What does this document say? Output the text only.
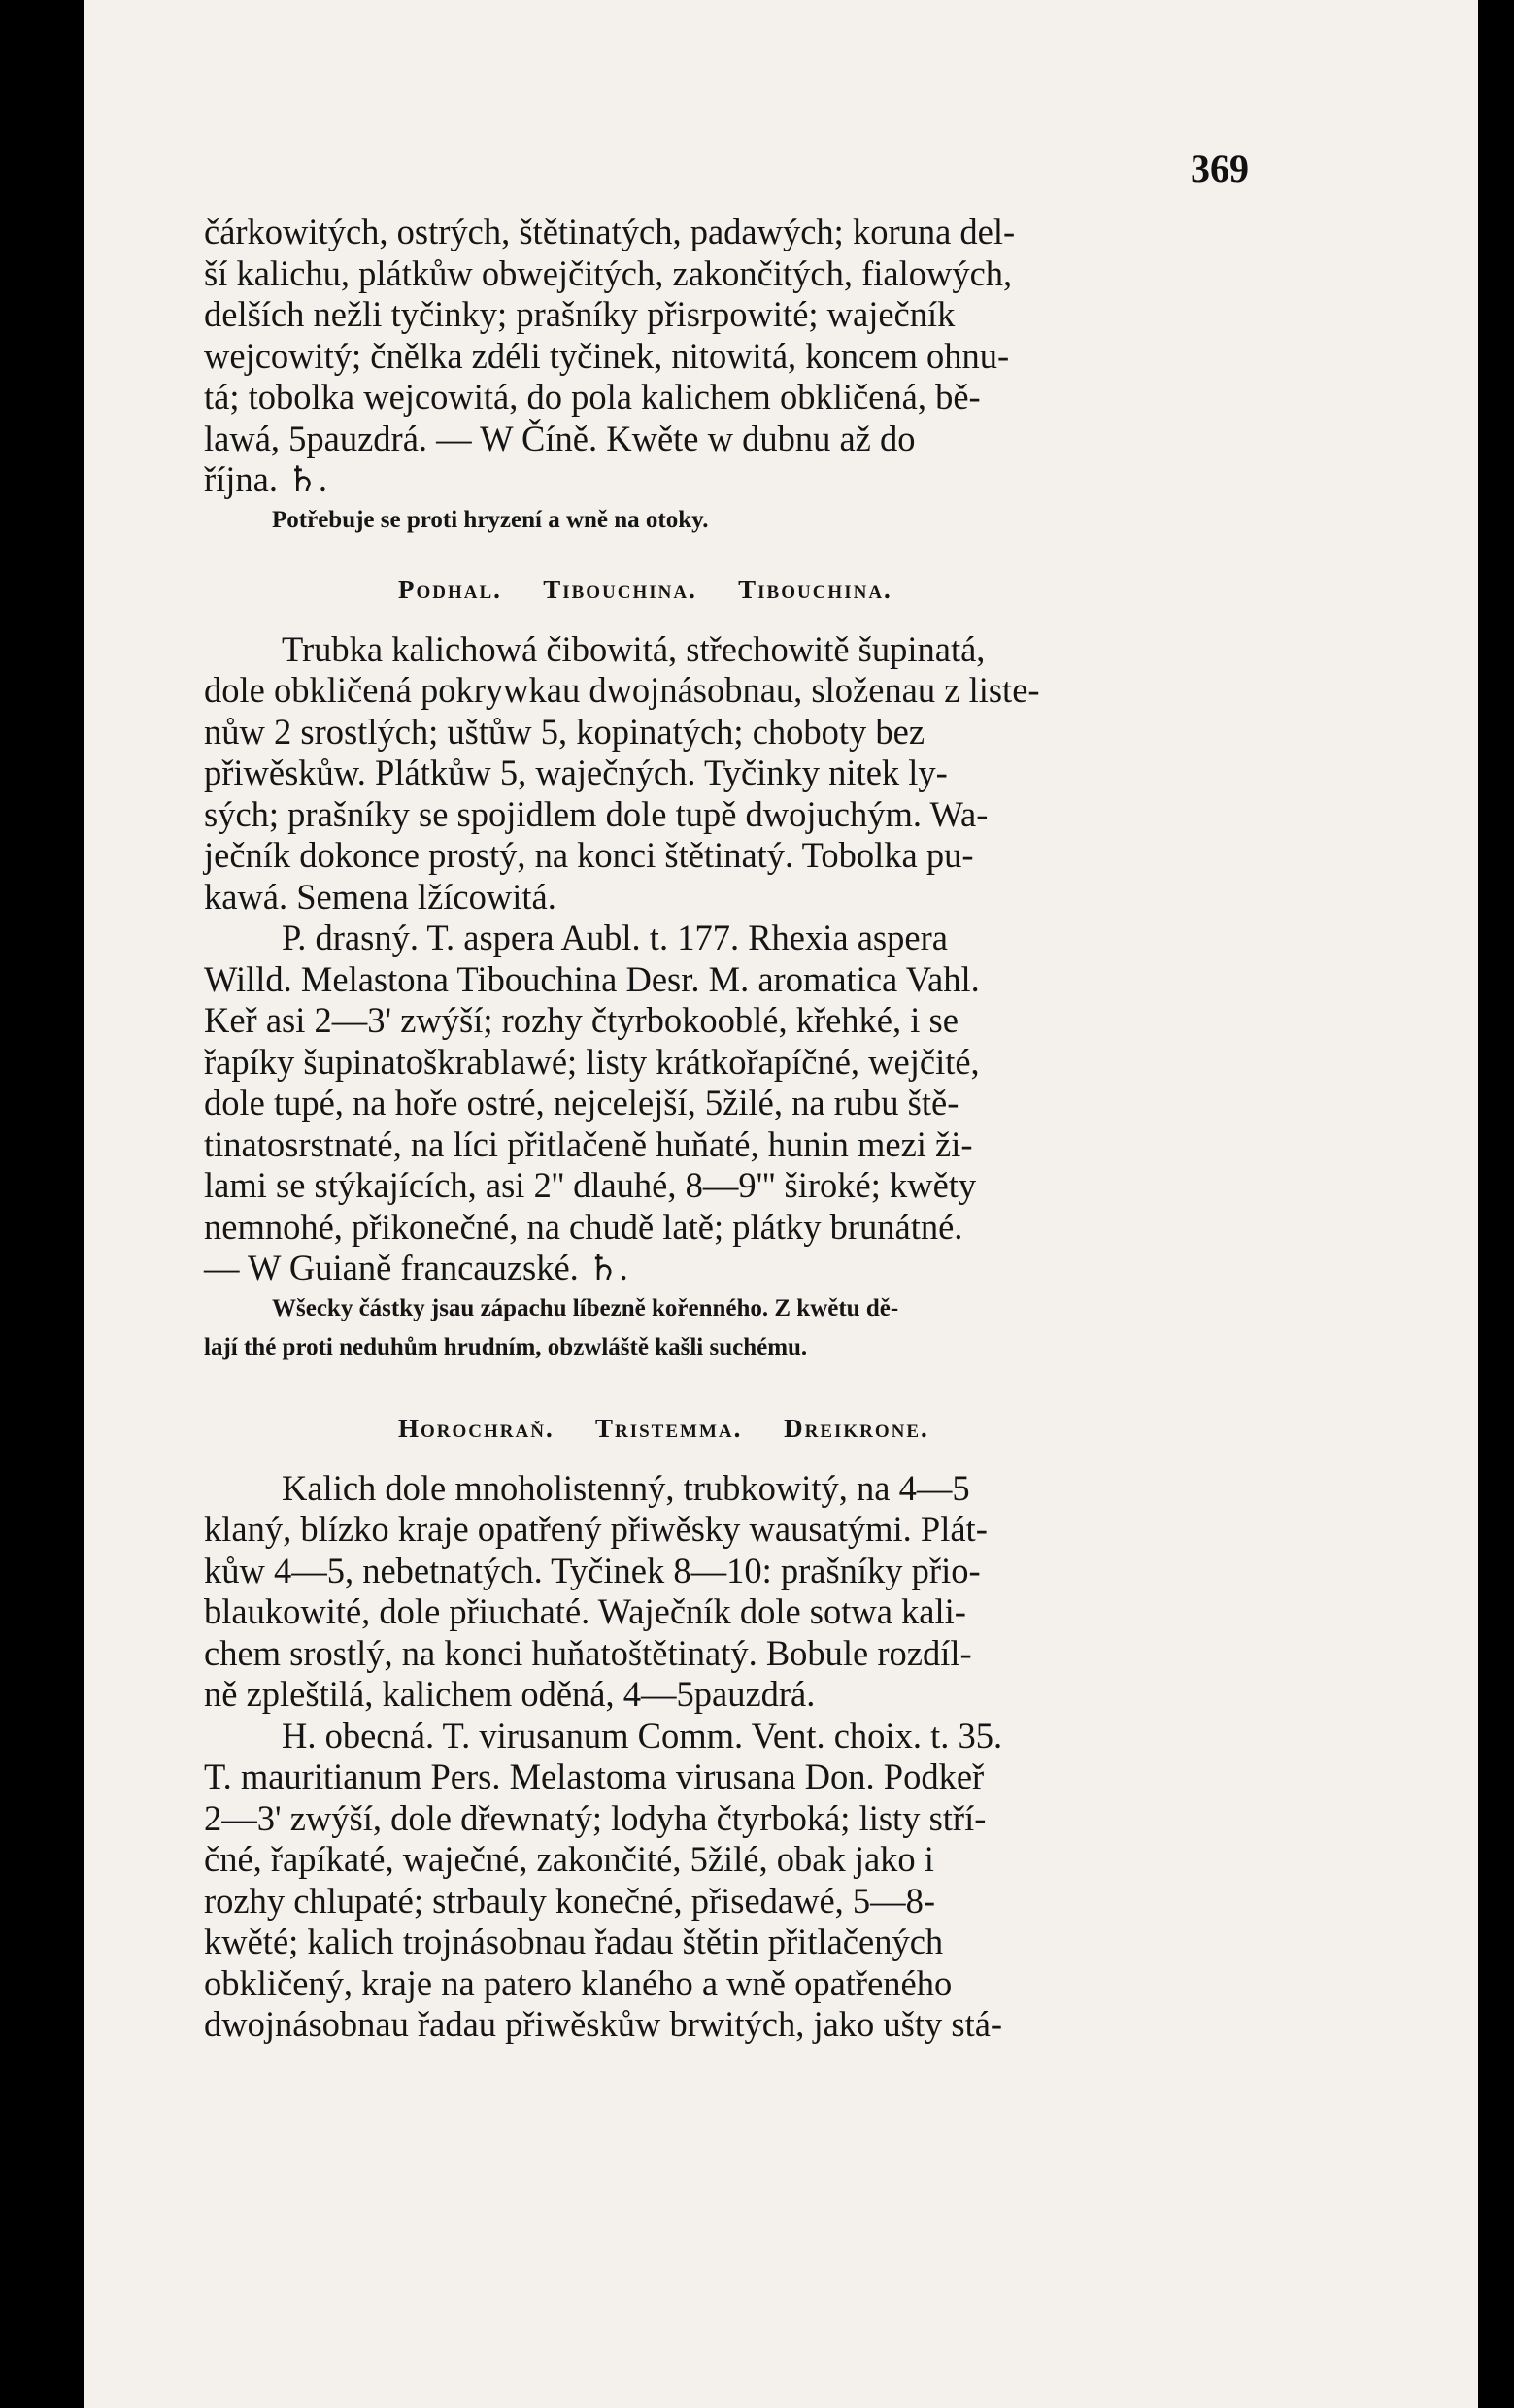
369
čárkowitých, ostrých, štětinatých, padawých; koruna del-
ší kalichu, plátkůw obwejčitých, zakončitých, fialowých,
delších nežli tyčinky; prašníky přisrpowité; waječník
wejcowitý; čnělka zdéli tyčinek, nitowitá, koncem ohnu-
tá; tobolka wejcowitá, do pola kalichem obkličená, bě-
lawá, 5pauzdrá. — W Číně. Kwěte w dubnu až do
října. ♄.
Potřebuje se proti hryzení a wně na otoky.
Podhal. Tibouchina. Tibouchina.
Trubka kalichowá čibowitá, střechowitě šupinatá,
dole obkličená pokrywkau dwojnásobnau, složenau z liste-
nůw 2 srostlých; uštůw 5, kopinatých; choboty bez
přiwěskůw. Plátkůw 5, waječných. Tyčinky nitek ly-
sých; prašníky se spojidlem dole tupě dwojuchým. Wa-
ječník dokonce prostý, na konci štětinatý. Tobolka pu-
kawá. Semena lžícowitá.
P. drasný. T. aspera Aubl. t. 177. Rhexia aspera
Willd. Melastona Tibouchina Desr. M. aromatica Vahl.
Keř asi 2—3' zwýší; rozhy čtyrbokooblé, křehké, i se
řapíky šupinatoškrablawé; listy krátkořapíčné, wejčité,
dole tupé, na hoře ostré, nejcelejší, 5žilé, na rubu ště-
tinatosrstnaté, na líci přitlačeně huňaté, hunin mezi ži-
lami se stýkajících, asi 2'' dlauhé, 8—9''' široké; kwěty
nemnohé, přikonečné, na chudě latě; plátky brunátné.
— W Guianě francauzské. ♄.
Wšecky částky jsau zápachu líbezně kořenného. Z kwětu dě-
lají thé proti neduhům hrudním, obzwláště kašli suchému.
Horochraň. Tristemma. Dreikrone.
Kalich dole mnoholistenný, trubkowitý, na 4—5
klaný, blízko kraje opatřený přiwěsky wausatými. Plát-
kůw 4—5, nebetnatých. Tyčinek 8—10: prašníky přio-
blaukowité, dole přiuchaté. Waječník dole sotwa kali-
chem srostlý, na konci huňatoštětinatý. Bobule rozdíl-
ně zpleštilá, kalichem oděná, 4—5pauzdrá.
H. obecná. T. virusanum Comm. Vent. choix. t. 35.
T. mauritianum Pers. Melastoma virusana Don. Podkeř
2—3' zwýší, dole dřewnatý; lodyha čtyrboká; listy stří-
čné, řapíkaté, waječné, zakončité, 5žilé, obak jako i
rozhy chlupaté; strbauly konečné, přisedawé, 5—8-
kwěté; kalich trojnásobnau řadau štětin přitlačených
obkličený, kraje na patero klaného a wně opatřeného
dwojnásobnau řadau přiwěskůw brwitých, jako ušty stá-
